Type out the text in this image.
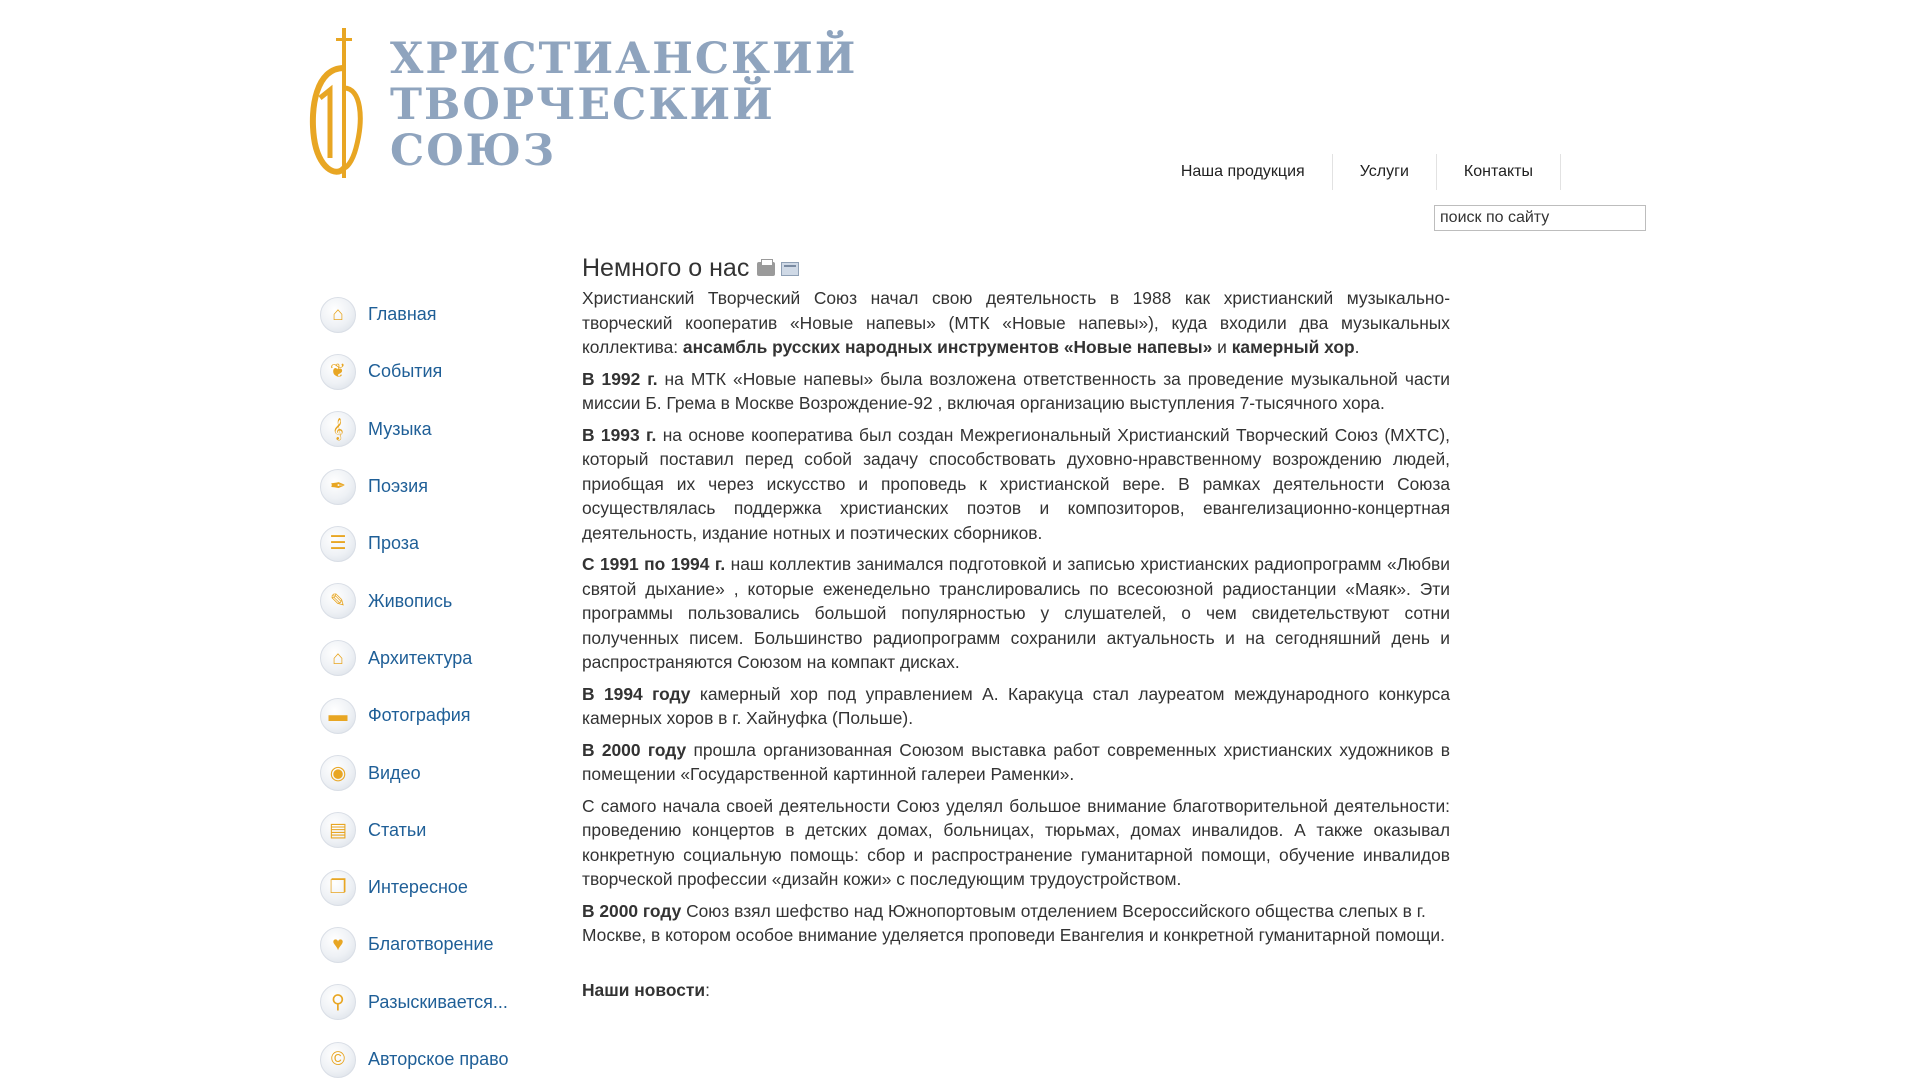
ХРИСТИАНСКИЙ
ТВОРЧЕСКИЙ
СОЮЗ	Наша продукция	Услуги	Контакты
поиск по сайту
⌂	Главная
❦	События
𝄞	Музыка
✒	Поэзия
☰	Проза
✎	Живопись
⌂	Архитектура
▬	Фотография
◉	Видео
▤	Статьи
❐	Интересное
♥	Благотворение
⚲	Разыскивается...
©	Авторское право
Немного о нас

Христианский Творческий Союз начал свою деятельность в 1988 как христианский музыкально-творческий кооператив «Новые напевы» (МТК «Новые напевы»), куда входили два музыкальных коллектива: ансамбль русских народных инструментов «Новые напевы» и камерный хор.

В 1992 г. на МТК «Новые напевы» была возложена ответственность за проведение музыкальной части миссии Б. Грема в Москве Возрождение-92 , включая организацию выступления 7-тысячного хора.

В 1993 г. на основе кооператива был создан Межрегиональный Христианский Творческий Союз (МХТС), который поставил перед собой задачу способствовать духовно-нравственному возрождению людей, приобщая их через искусство и проповедь к христианской вере. В рамках деятельности Союза осуществлялась поддержка христианских поэтов и композиторов, евангелизационно-концертная деятельность, издание нотных и поэтических сборников.

С 1991 по 1994 г. наш коллектив занимался подготовкой и записью христианских радиопрограмм «Любви святой дыхание» , которые еженедельно транслировались по всесоюзной радиостанции «Маяк». Эти программы пользовались большой популярностью у слушателей, о чем свидетельствуют сотни полученных писем. Большинство радиопрограмм сохранили актуальность и на сегодняшний день и распространяются Союзом на компакт дисках.

В 1994 году камерный хор под управлением А. Каракуца стал лауреатом международного конкурса камерных хоров в г. Хайнуфка (Польше).

В 2000 году прошла организованная Союзом выставка работ современных христианских художников в помещении «Государственной картинной галереи Раменки».

С самого начала своей деятельности Союз уделял большое внимание благотворительной деятельности: проведению концертов в детских домах, больницах, тюрьмах, домах инвалидов. А также оказывал конкретную социальную помощь: сбор и распространение гуманитарной помощи, обучение инвалидов творческой профессии «дизайн кожи» с последующим трудоустройством.

В 2000 году Союз взял шефство над Южнопортовым отделением Всероссийского общества слепых в г. Москве, в котором особое внимание уделяется проповеди Евангелия и конкретной гуманитарной помощи.

Наши новости:
